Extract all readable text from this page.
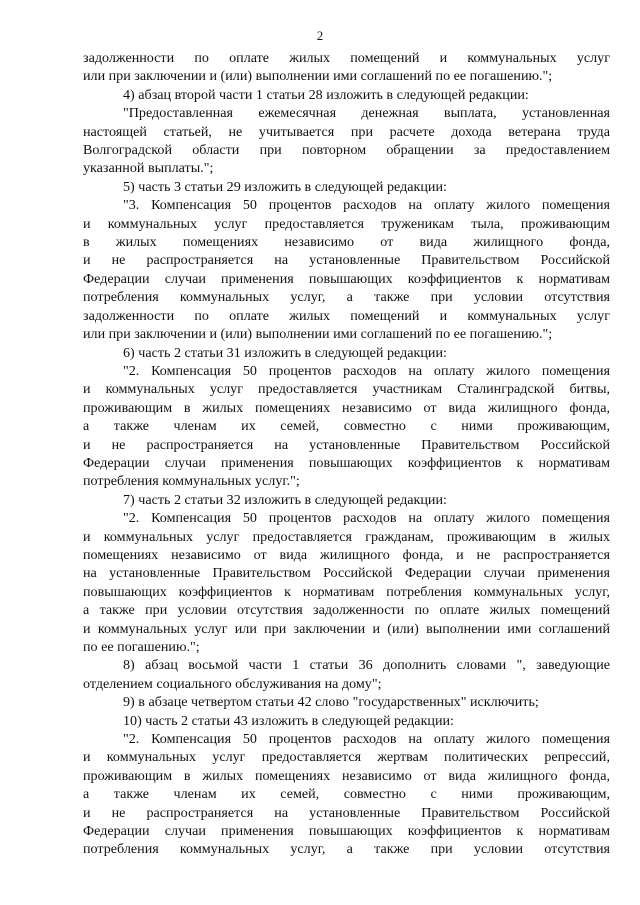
2
задолженности по оплате жилых помещений и коммунальных услуг
или при заключении и (или) выполнении ими соглашений по ее погашению.";
4) абзац второй части 1 статьи 28 изложить в следующей редакции:
"Предоставленная ежемесячная денежная выплата, установленная
настоящей статьей, не учитывается при расчете дохода ветерана труда
Волгоградской области при повторном обращении за предоставлением
указанной выплаты.";
5) часть 3 статьи 29 изложить в следующей редакции:
"3. Компенсация 50 процентов расходов на оплату жилого помещения
и коммунальных услуг предоставляется труженикам тыла, проживающим
в жилых помещениях независимо от вида жилищного фонда,
и не распространяется на установленные Правительством Российской
Федерации случаи применения повышающих коэффициентов к нормативам
потребления коммунальных услуг, а также при условии отсутствия
задолженности по оплате жилых помещений и коммунальных услуг
или при заключении и (или) выполнении ими соглашений по ее погашению.";
6) часть 2 статьи 31 изложить в следующей редакции:
"2. Компенсация 50 процентов расходов на оплату жилого помещения
и коммунальных услуг предоставляется участникам Сталинградской битвы,
проживающим в жилых помещениях независимо от вида жилищного фонда,
а также членам их семей, совместно с ними проживающим,
и не распространяется на установленные Правительством Российской
Федерации случаи применения повышающих коэффициентов к нормативам
потребления коммунальных услуг.";
7) часть 2 статьи 32 изложить в следующей редакции:
"2. Компенсация 50 процентов расходов на оплату жилого помещения
и коммунальных услуг предоставляется гражданам, проживающим в жилых
помещениях независимо от вида жилищного фонда, и не распространяется
на установленные Правительством Российской Федерации случаи применения
повышающих коэффициентов к нормативам потребления коммунальных услуг,
а также при условии отсутствия задолженности по оплате жилых помещений
и коммунальных услуг или при заключении и (или) выполнении ими соглашений
по ее погашению.";
8) абзац восьмой части 1 статьи 36 дополнить словами ", заведующие
отделением социального обслуживания на дому";
9) в абзаце четвертом статьи 42 слово "государственных" исключить;
10) часть 2 статьи 43 изложить в следующей редакции:
"2. Компенсация 50 процентов расходов на оплату жилого помещения
и коммунальных услуг предоставляется жертвам политических репрессий,
проживающим в жилых помещениях независимо от вида жилищного фонда,
а также членам их семей, совместно с ними проживающим,
и не распространяется на установленные Правительством Российской
Федерации случаи применения повышающих коэффициентов к нормативам
потребления коммунальных услуг, а также при условии отсутствия
